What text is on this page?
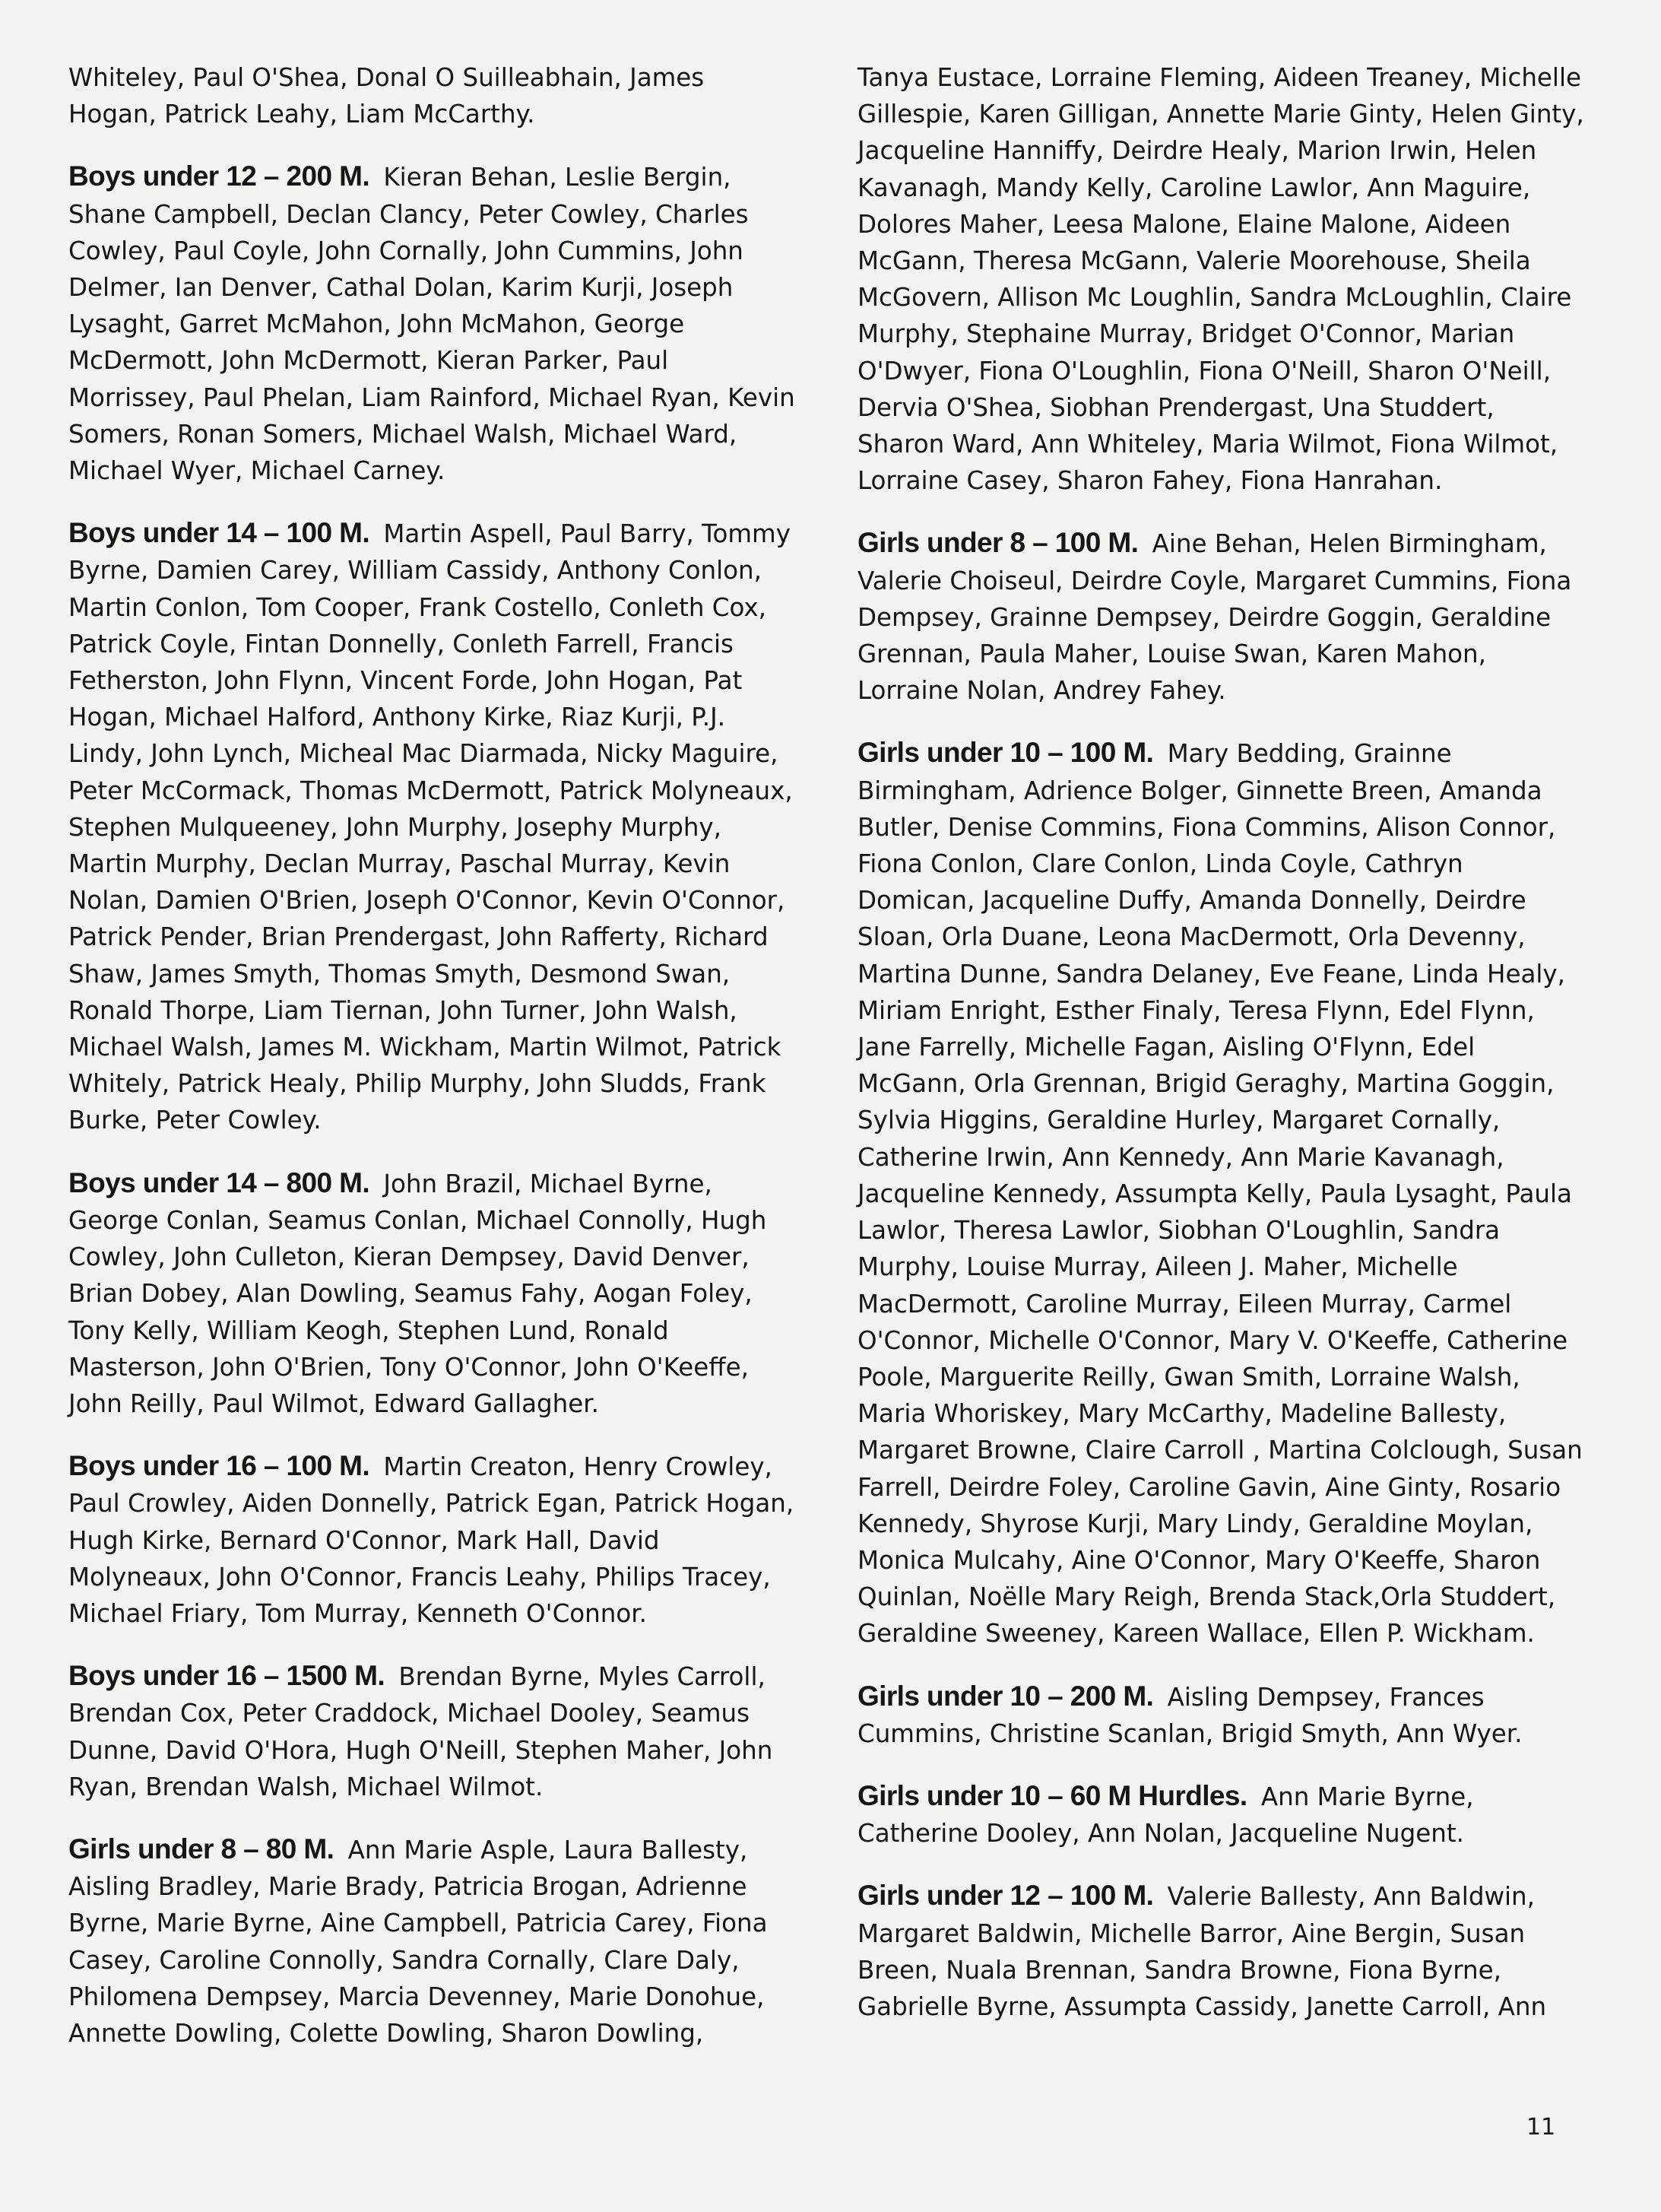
Whiteley, Paul O'Shea, Donal O Suilleabhain, James Hogan, Patrick Leahy, Liam McCarthy.

Boys under 12 – 200 M. Kieran Behan, Leslie Bergin, Shane Campbell, Declan Clancy, Peter Cowley, Charles Cowley, Paul Coyle, John Cornally, John Cummins, John Delmer, Ian Denver, Cathal Dolan, Karim Kurji, Joseph Lysaght, Garret McMahon, John McMahon, George McDermott, John McDermott, Kieran Parker, Paul Morrissey, Paul Phelan, Liam Rainford, Michael Ryan, Kevin Somers, Ronan Somers, Michael Walsh, Michael Ward, Michael Wyer, Michael Carney.

Boys under 14 – 100 M. Martin Aspell, Paul Barry, Tommy Byrne, Damien Carey, William Cassidy, Anthony Conlon, Martin Conlon, Tom Cooper, Frank Costello, Conleth Cox, Patrick Coyle, Fintan Donnelly, Conleth Farrell, Francis Fetherston, John Flynn, Vincent Forde, John Hogan, Pat Hogan, Michael Halford, Anthony Kirke, Riaz Kurji, P.J. Lindy, John Lynch, Micheal Mac Diarmada, Nicky Maguire, Peter McCormack, Thomas McDermott, Patrick Molyneaux, Stephen Mulqueeney, John Murphy, Josephy Murphy, Martin Murphy, Declan Murray, Paschal Murray, Kevin Nolan, Damien O'Brien, Joseph O'Connor, Kevin O'Connor, Patrick Pender, Brian Prendergast, John Rafferty, Richard Shaw, James Smyth, Thomas Smyth, Desmond Swan, Ronald Thorpe, Liam Tiernan, John Turner, John Walsh, Michael Walsh, James M. Wickham, Martin Wilmot, Patrick Whitely, Patrick Healy, Philip Murphy, John Sludds, Frank Burke, Peter Cowley.

Boys under 14 – 800 M. John Brazil, Michael Byrne, George Conlan, Seamus Conlan, Michael Connolly, Hugh Cowley, John Culleton, Kieran Dempsey, David Denver, Brian Dobey, Alan Dowling, Seamus Fahy, Aogan Foley, Tony Kelly, William Keogh, Stephen Lund, Ronald Masterson, John O'Brien, Tony O'Connor, John O'Keeffe, John Reilly, Paul Wilmot, Edward Gallagher.

Boys under 16 – 100 M. Martin Creaton, Henry Crowley, Paul Crowley, Aiden Donnelly, Patrick Egan, Patrick Hogan, Hugh Kirke, Bernard O'Connor, Mark Hall, David Molyneaux, John O'Connor, Francis Leahy, Philips Tracey, Michael Friary, Tom Murray, Kenneth O'Connor.

Boys under 16 – 1500 M. Brendan Byrne, Myles Carroll, Brendan Cox, Peter Craddock, Michael Dooley, Seamus Dunne, David O'Hora, Hugh O'Neill, Stephen Maher, John Ryan, Brendan Walsh, Michael Wilmot.

Girls under 8 – 80 M. Ann Marie Asple, Laura Ballesty, Aisling Bradley, Marie Brady, Patricia Brogan, Adrienne Byrne, Marie Byrne, Aine Campbell, Patricia Carey, Fiona Casey, Caroline Connolly, Sandra Cornally, Clare Daly, Philomena Dempsey, Marcia Devenney, Marie Donohue, Annette Dowling, Colette Dowling, Sharon Dowling,

Tanya Eustace, Lorraine Fleming, Aideen Treaney, Michelle Gillespie, Karen Gilligan, Annette Marie Ginty, Helen Ginty, Jacqueline Hanniffy, Deirdre Healy, Marion Irwin, Helen Kavanagh, Mandy Kelly, Caroline Lawlor, Ann Maguire, Dolores Maher, Leesa Malone, Elaine Malone, Aideen McGann, Theresa McGann, Valerie Moorehouse, Sheila McGovern, Allison Mc Loughlin, Sandra McLoughlin, Claire Murphy, Stephaine Murray, Bridget O'Connor, Marian O'Dwyer, Fiona O'Loughlin, Fiona O'Neill, Sharon O'Neill, Dervia O'Shea, Siobhan Prendergast, Una Studdert, Sharon Ward, Ann Whiteley, Maria Wilmot, Fiona Wilmot, Lorraine Casey, Sharon Fahey, Fiona Hanrahan.

Girls under 8 – 100 M. Aine Behan, Helen Birmingham, Valerie Choiseul, Deirdre Coyle, Margaret Cummins, Fiona Dempsey, Grainne Dempsey, Deirdre Goggin, Geraldine Grennan, Paula Maher, Louise Swan, Karen Mahon, Lorraine Nolan, Andrey Fahey.

Girls under 10 – 100 M. Mary Bedding, Grainne Birmingham, Adrience Bolger, Ginnette Breen, Amanda Butler, Denise Commins, Fiona Commins, Alison Connor, Fiona Conlon, Clare Conlon, Linda Coyle, Cathryn Domican, Jacqueline Duffy, Amanda Donnelly, Deirdre Sloan, Orla Duane, Leona MacDermott, Orla Devenny, Martina Dunne, Sandra Delaney, Eve Feane, Linda Healy, Miriam Enright, Esther Finaly, Teresa Flynn, Edel Flynn, Jane Farrelly, Michelle Fagan, Aisling O'Flynn, Edel McGann, Orla Grennan, Brigid Geraghy, Martina Goggin, Sylvia Higgins, Geraldine Hurley, Margaret Cornally, Catherine Irwin, Ann Kennedy, Ann Marie Kavanagh, Jacqueline Kennedy, Assumpta Kelly, Paula Lysaght, Paula Lawlor, Theresa Lawlor, Siobhan O'Loughlin, Sandra Murphy, Louise Murray, Aileen J. Maher, Michelle MacDermott, Caroline Murray, Eileen Murray, Carmel O'Connor, Michelle O'Connor, Mary V. O'Keeffe, Catherine Poole, Marguerite Reilly, Gwan Smith, Lorraine Walsh, Maria Whoriskey, Mary McCarthy, Madeline Ballesty, Margaret Browne, Claire Carroll , Martina Colclough, Susan Farrell, Deirdre Foley, Caroline Gavin, Aine Ginty, Rosario Kennedy, Shyrose Kurji, Mary Lindy, Geraldine Moylan, Monica Mulcahy, Aine O'Connor, Mary O'Keeffe, Sharon Quinlan, Noëlle Mary Reigh, Brenda Stack,Orla Studdert, Geraldine Sweeney, Kareen Wallace, Ellen P. Wickham.

Girls under 10 – 200 M. Aisling Dempsey, Frances Cummins, Christine Scanlan, Brigid Smyth, Ann Wyer.

Girls under 10 – 60 M Hurdles. Ann Marie Byrne, Catherine Dooley, Ann Nolan, Jacqueline Nugent.

Girls under 12 – 100 M. Valerie Ballesty, Ann Baldwin, Margaret Baldwin, Michelle Barror, Aine Bergin, Susan Breen, Nuala Brennan, Sandra Browne, Fiona Byrne, Gabrielle Byrne, Assumpta Cassidy, Janette Carroll, Ann

11
